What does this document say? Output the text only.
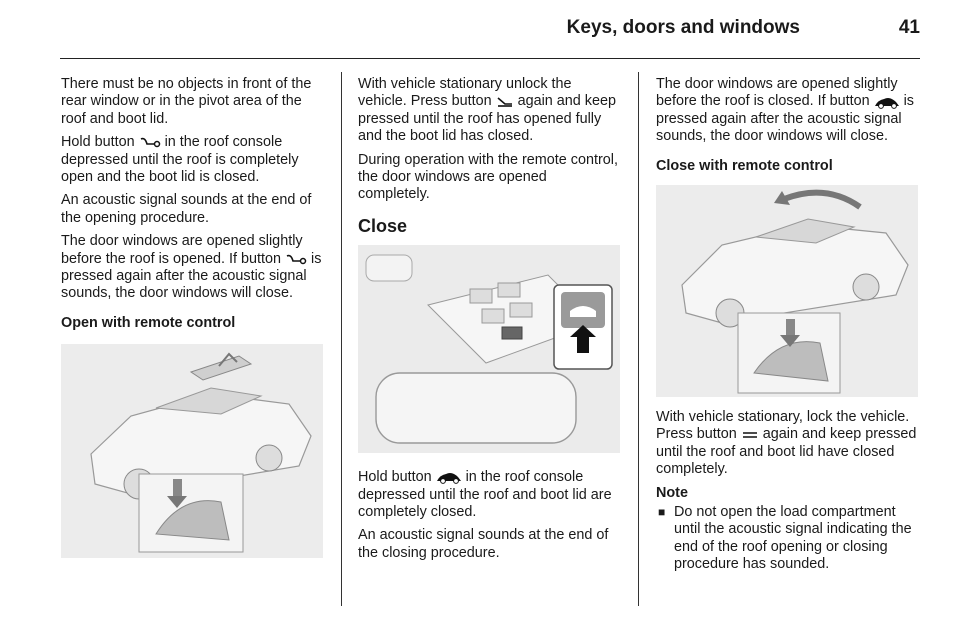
Keys, doors and windows	41

There must be no objects in front of the rear window or in the pivot area of the roof and boot lid.

Hold button  in the roof console depressed until the roof is completely open and the boot lid is closed.

An acoustic signal sounds at the end of the opening procedure.

The door windows are opened slightly before the roof is opened. If button  is pressed again after the acoustic signal sounds, the door windows will close.

Open with remote control

With vehicle stationary unlock the vehicle. Press button  again and keep pressed until the roof has opened fully and the boot lid has closed.

During operation with the remote control, the door windows are opened completely.

Close

Hold button  in the roof console depressed until the roof and boot lid are completely closed.

An acoustic signal sounds at the end of the closing procedure.

The door windows are opened slightly before the roof is closed. If button  is pressed again after the acoustic signal sounds, the door windows will close.

Close with remote control

With vehicle stationary, lock the vehicle. Press button  again and keep pressed until the roof and boot lid have closed completely.

Note
■ Do not open the load compartment until the acoustic signal indicating the end of the roof opening or closing procedure has sounded.
